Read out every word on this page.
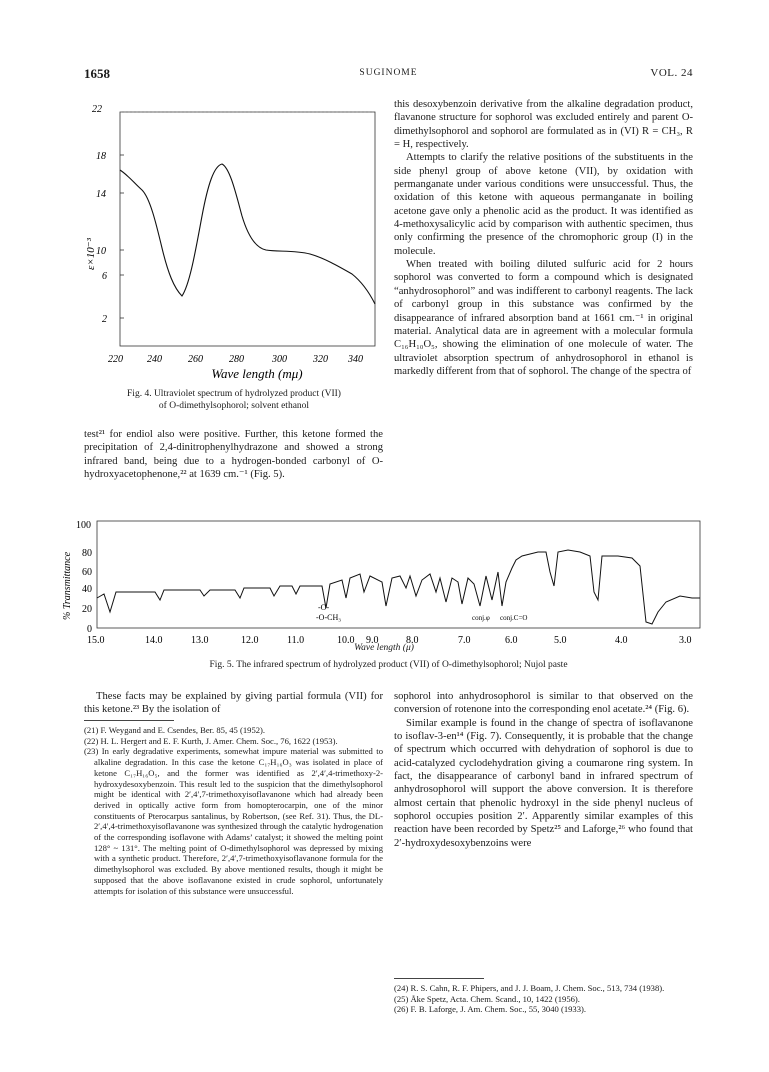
1658	SUGINOME	VOL. 24
22
18
14
10
6
2
ε×10⁻³
220 240	260	280	300	320 340
Wave length (mμ)
Fig. 4. Ultraviolet spectrum of hydrolyzed product (VII)
of O-dimethylsophorol; solvent ethanol

this desoxybenzoin derivative from the alkaline degradation product, flavanone structure for sophorol was excluded entirely and parent O-dimethylsophorol and sophorol are formulated as in (VI) R = CH₃, R = H, respectively.

Attempts to clarify the relative positions of the substituents in the side phenyl group of above ketone (VII), by oxidation with permanganate under various conditions were unsuccessful. Thus, the oxidation of this ketone with aqueous permanganate in boiling acetone gave only a phenolic acid as the product. It was identified as 4-methoxysalicylic acid by comparison with authentic specimen, thus only confirming the presence of the chromophoric group (I) in the molecule.

When treated with boiling diluted sulfuric acid for 2 hours sophorol was converted to form a compound which is designated “anhydrosophorol” and was indifferent to carbonyl reagents. The lack of carbonyl group in this substance was confirmed by the disappearance of infrared absorption band at 1661 cm.⁻¹ in original material. Analytical data are in agreement with a molecular formula C₁₆H₁₀O₅, showing the elimination of one molecule of water. The ultraviolet absorption spectrum of anhydrosophorol in ethanol is markedly different from that of sophorol. The change of the spectra of

test²¹ for endiol also were positive. Further, this ketone formed the precipitation of 2,4-dinitrophenylhydrazone and showed a strong infrared band, being due to a hydrogen-bonded carbonyl of O-hydroxyacetophenone,²² at 1639 cm.⁻¹ (Fig. 5).

100
80
60
40
20
0
% Transmittance	-O-
-O-CH₃	conj.φ conj.C=O
15.0	14.0	13.0	12.0	11.0	10.0 9.0	8.0	7.0	6.0	5.0	4.0	3.0
Wave length (μ)
Fig. 5. The infrared spectrum of hydrolyzed product (VII) of O-dimethylsophorol; Nujol paste

These facts may be explained by giving partial formula (VII) for this ketone.²³ By the isolation of

(21) F. Weygand and E. Csendes, Ber. 85, 45 (1952).

(22) H. L. Hergert and E. F. Kurth, J. Amer. Chem. Soc., 76, 1622 (1953).

(23) In early degradative experiments, somewhat impure material was submitted to alkaline degradation. In this case the ketone C₁₇H₁₆O₃ was isolated in place of ketone C₁₇H₁₆O₅, and the former was identified as 2′,4′,4-trimethoxy-2-hydroxydesoxybenzoin. This result led to the suspicion that the dimethylsophorol might be identical with 2′,4′,7-trimethoxyisoflavanone which had already been derived in optically active form from homopterocarpin, one of the minor constituents of Pterocarpus santalinus, by Robertson, (see Ref. 31). Thus, the DL-2′,4′,4-trimethoxyisoflavanone was synthesized through the catalytic hydrogenation of the corresponding isoflavone with Adams’ catalyst; it showed the melting point 128° ~ 131°. The melting point of O-dimethylsophorol was depressed by mixing with a synthetic product. Therefore, 2′,4′,7-trimethoxyisoflavanone formula for the dimethylsophorol was excluded. By above mentioned results, though it might be supposed that the above isoflavanone existed in crude sophorol, unfortunately attempts for isolation of this substance were unsuccessful.

sophorol into anhydrosophorol is similar to that observed on the conversion of rotenone into the corresponding enol acetate.²⁴ (Fig. 6).

Similar example is found in the change of spectra of isoflavanone to isoflav-3-en¹⁴ (Fig. 7). Consequently, it is probable that the change of spectrum which occurred with dehydration of sophorol is due to acid-catalyzed cyclodehydration giving a coumarone ring system. In fact, the disappearance of carbonyl band in infrared spectrum of anhydrosophorol will support the above conversion. It is therefore almost certain that phenolic hydroxyl in the side phenyl nucleus of sophorol occupies position 2′. Apparently similar examples of this reaction have been recorded by Spetz²⁵ and Laforge,²⁶ who found that 2′-hydroxydesoxybenzoins were

(24) R. S. Cahn, R. F. Phipers, and J. J. Boam, J. Chem. Soc., 513, 734 (1938).

(25) Åke Spetz, Acta. Chem. Scand., 10, 1422 (1956).

(26) F. B. Laforge, J. Am. Chem. Soc., 55, 3040 (1933).
